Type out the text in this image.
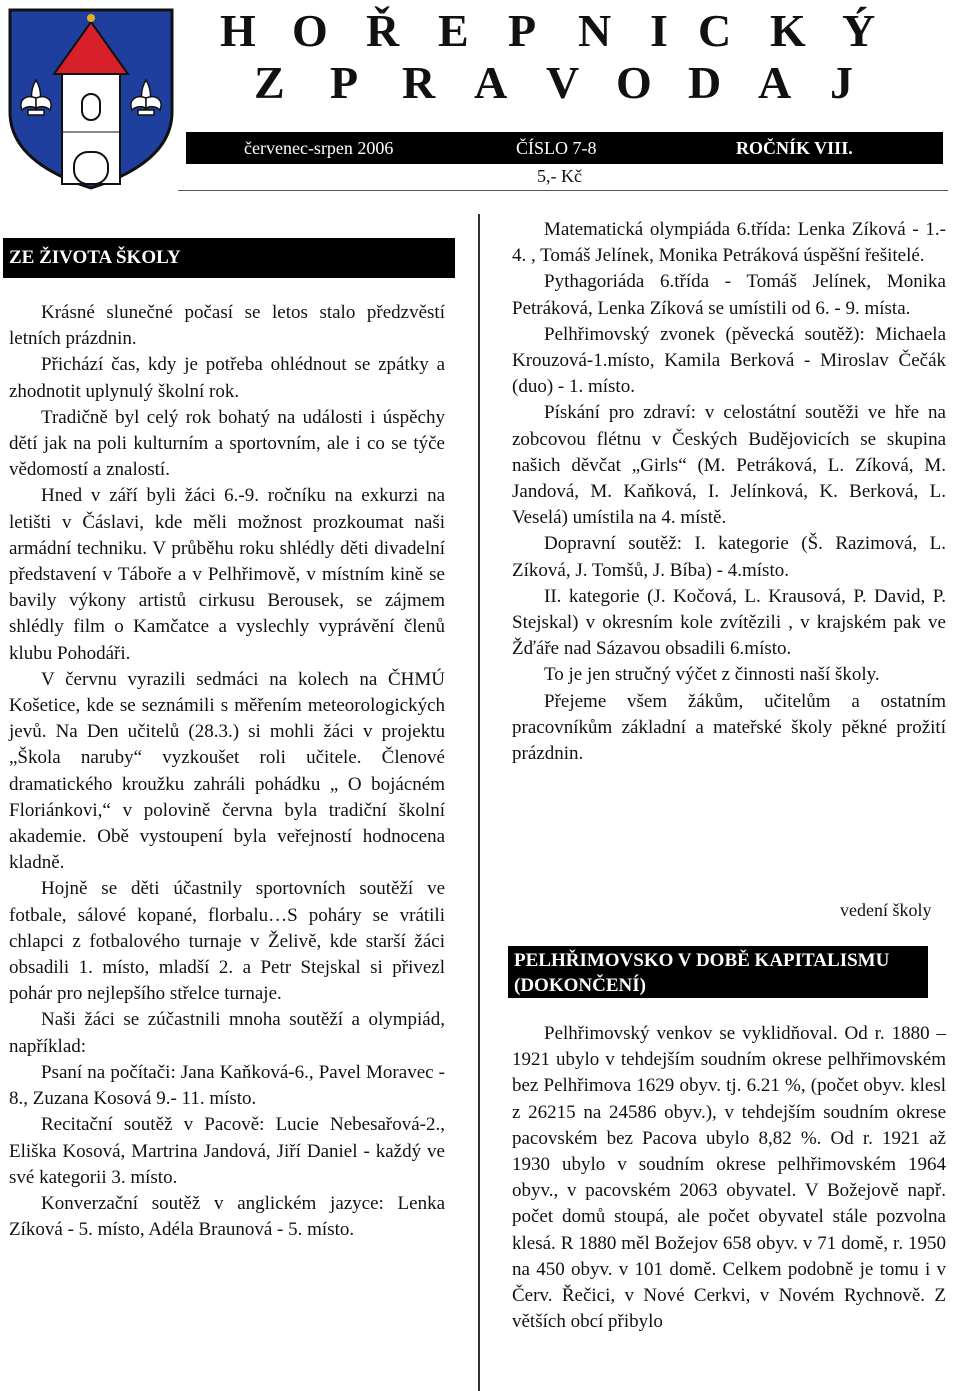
H O Ř E P N I C K Ý
Z P R A V O D A J
červenec-srpen 2006	ČÍSLO 7-8	ROČNÍK VIII.
5,- Kč
ZE ŽIVOTA ŠKOLY

Krásné slunečné počasí se letos stalo předzvěstí letních prázdnin.

Přichází čas, kdy je potřeba ohlédnout se zpátky a zhodnotit uplynulý školní rok.

Tradičně byl celý rok bohatý na události i úspěchy dětí jak na poli kulturním a sportovním, ale i co se týče vědomostí a znalostí.

Hned v září byli žáci 6.-9. ročníku na exkurzi na letišti v Čáslavi, kde měli možnost prozkoumat naši armádní techniku. V průběhu roku shlédly děti divadelní představení v Táboře a v Pelhřimově, v místním kině se bavily výkony artistů cirkusu Berousek, se zájmem shlédly film o Kamčatce a vyslechly vyprávění členů klubu Pohodáři.

V červnu vyrazili sedmáci na kolech na ČHMÚ Košetice, kde se seznámili s měřením meteorologických jevů. Na Den učitelů (28.3.) si mohli žáci v projektu „Škola naruby“ vyzkoušet roli učitele. Členové dramatického kroužku zahráli pohádku „ O bojácném Floriánkovi,“ v polovině června byla tradiční školní akademie. Obě vystoupení byla veřejností hodnocena kladně.

Hojně se děti účastnily sportovních soutěží ve fotbale, sálové kopané, florbalu…S poháry se vrátili chlapci z fotbalového turnaje v Želivě, kde starší žáci obsadili 1. místo, mladší 2. a Petr Stejskal si přivezl pohár pro nejlepšího střelce turnaje.

Naši žáci se zúčastnili mnoha soutěží a olympiád, například:

Psaní na počítači: Jana Kaňková-6., Pavel Moravec - 8., Zuzana Kosová 9.- 11. místo.

Recitační soutěž v Pacově: Lucie Nebesařová-2., Eliška Kosová, Martrina Jandová, Jiří Daniel - každý ve své kategorii 3. místo.

Konverzační soutěž v anglickém jazyce: Lenka Zíková - 5. místo, Adéla Braunová - 5. místo.

Matematická olympiáda 6.třída: Lenka Zíková - 1.- 4. , Tomáš Jelínek, Monika Petráková úspěšní řešitelé.

Pythagoriáda 6.třída - Tomáš Jelínek, Monika Petráková, Lenka Zíková se umístili od 6. - 9. místa.

Pelhřimovský zvonek (pěvecká soutěž): Michaela Krouzová-1.místo, Kamila Berková - Miroslav Čečák (duo) - 1. místo.

Pískání pro zdraví: v celostátní soutěži ve hře na zobcovou flétnu v Českých Budějovicích se skupina našich děvčat „Girls“ (M. Petráková, L. Zíková, M. Jandová, M. Kaňková, I. Jelínková, K. Berková, L. Veselá) umístila na 4. místě.

Dopravní soutěž: I. kategorie (Š. Razimová, L. Zíková, J. Tomšů, J. Bíba) - 4.místo.

II. kategorie (J. Kočová, L. Krausová, P. David, P. Stejskal) v okresním kole zvítězili , v krajském pak ve Žďáře nad Sázavou obsadili 6.místo.

To je jen stručný výčet z činnosti naší školy.

Přejeme všem žákům, učitelům a ostatním pracovníkům základní a mateřské školy pěkné prožití prázdnin.

vedení školy
PELHŘIMOVSKO V DOBĚ KAPITALISMU
(DOKONČENÍ)

Pelhřimovský venkov se vyklidňoval. Od r. 1880 – 1921 ubylo v tehdejším soudním okrese pelhřimovském bez Pelhřimova 1629 obyv. tj. 6.21 %, (počet obyv. klesl z 26215 na 24586 obyv.), v tehdejším soudním okrese pacovském bez Pacova ubylo 8,82 %. Od r. 1921 až 1930 ubylo v soudním okrese pelhřimovském 1964 obyv., v pacovském 2063 obyvatel. V Božejově např. počet domů stoupá, ale počet obyvatel stále pozvolna klesá. R 1880 měl Božejov 658 obyv. v 71 domě, r. 1950 na 450 obyv. v 101 domě. Celkem podobně je tomu i v Červ. Řečici, v Nové Cerkvi, v Novém Rychnově. Z větších obcí přibylo
